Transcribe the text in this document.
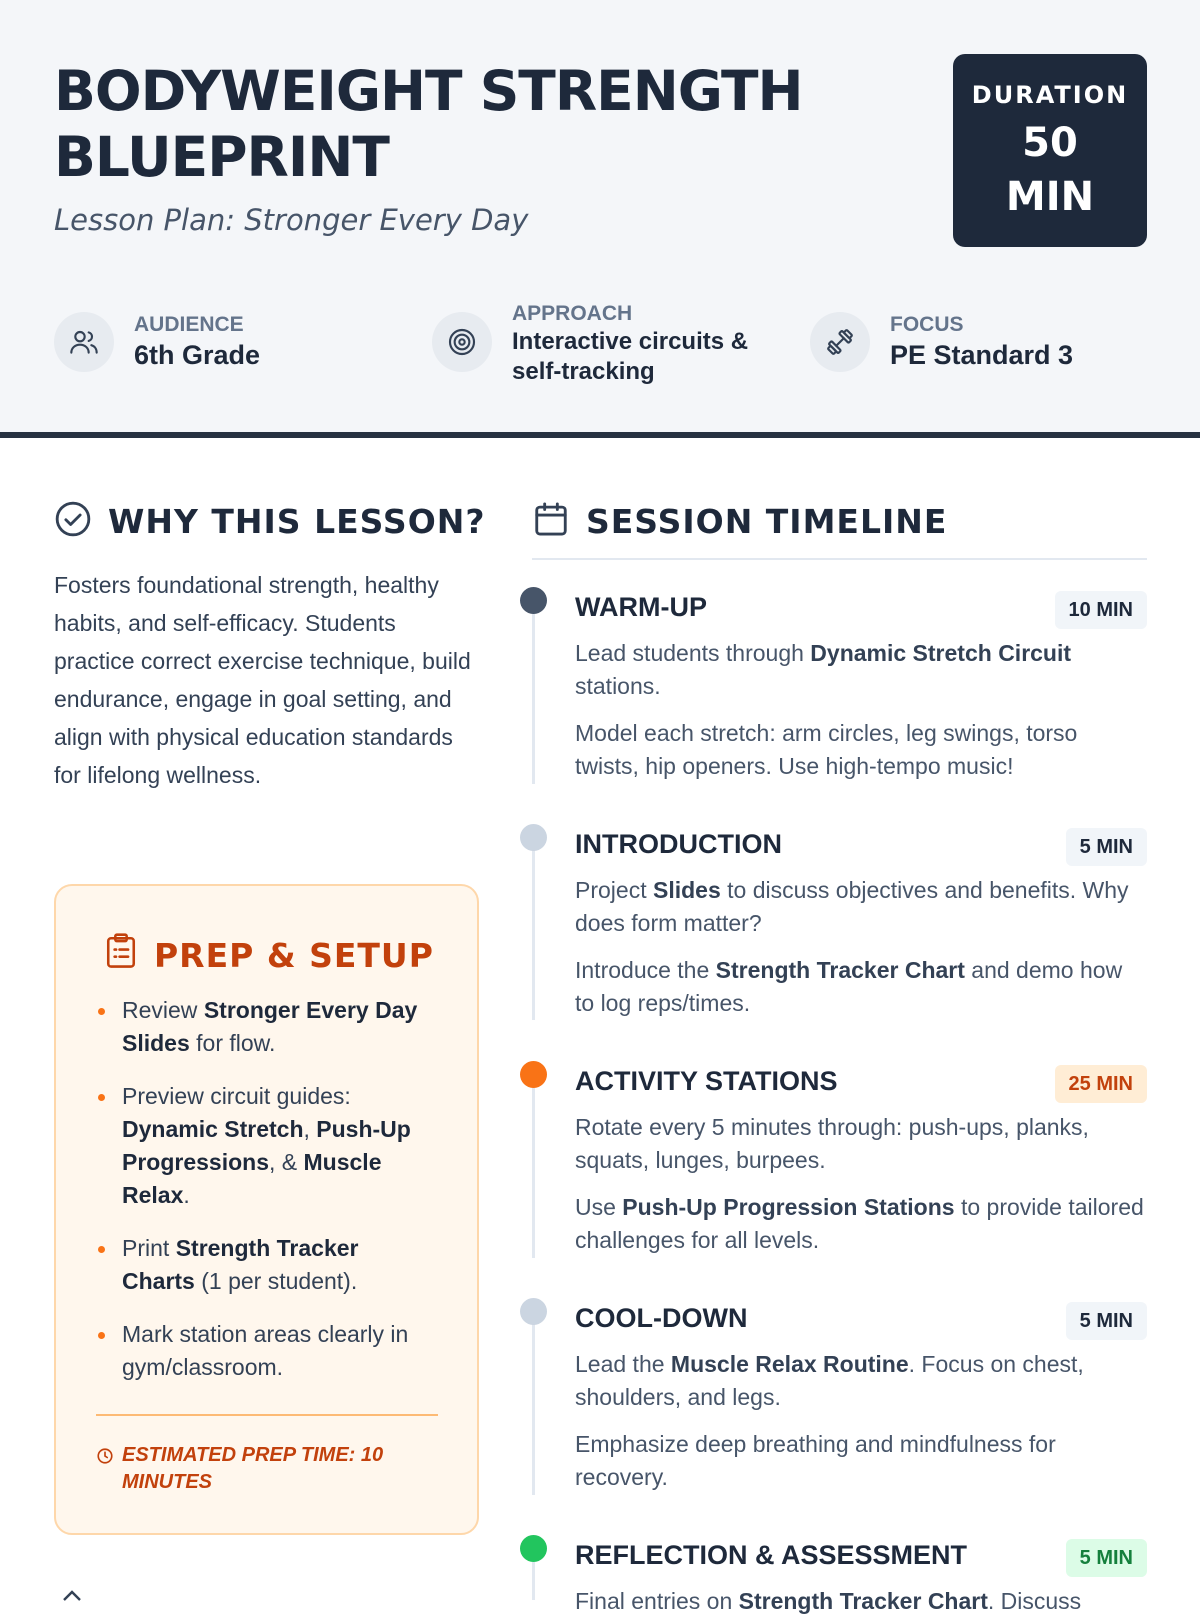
BODYWEIGHT STRENGTH BLUEPRINT
Lesson Plan: Stronger Every Day
DURATION
50 MIN
AUDIENCE
6th Grade
APPROACH
Interactive circuits & self-tracking
FOCUS
PE Standard 3
WHY THIS LESSON?
Fosters foundational strength, healthy habits, and self-efficacy. Students practice correct exercise technique, build endurance, engage in goal setting, and align with physical education standards for lifelong wellness.
PREP & SETUP
Review Stronger Every Day Slides for flow.
Preview circuit guides: Dynamic Stretch, Push-Up Progressions, & Muscle Relax.
Print Strength Tracker Charts (1 per student).
Mark station areas clearly in gym/classroom.
ESTIMATED PREP TIME: 10 MINUTES
SESSION TIMELINE
WARM-UP	10 MIN
Lead students through Dynamic Stretch Circuit stations.
Model each stretch: arm circles, leg swings, torso twists, hip openers. Use high-tempo music!
INTRODUCTION	5 MIN
Project Slides to discuss objectives and benefits. Why does form matter?
Introduce the Strength Tracker Chart and demo how to log reps/times.
ACTIVITY STATIONS	25 MIN
Rotate every 5 minutes through: push-ups, planks, squats, lunges, burpees.
Use Push-Up Progression Stations to provide tailored challenges for all levels.
COOL-DOWN	5 MIN
Lead the Muscle Relax Routine. Focus on chest, shoulders, and legs.
Emphasize deep breathing and mindfulness for recovery.
REFLECTION & ASSESSMENT	5 MIN
Final entries on Strength Tracker Chart. Discuss
